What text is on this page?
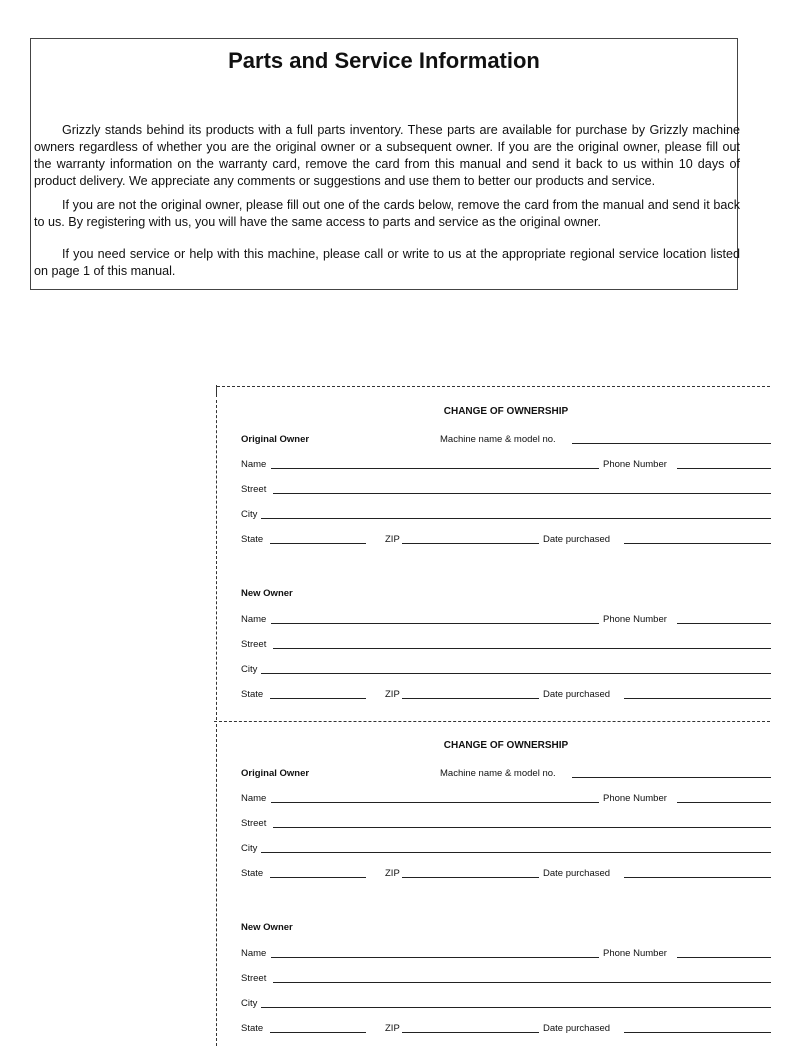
Parts and Service Information

Grizzly stands behind its products with a full parts inventory. These parts are available for purchase by Grizzly machine owners regardless of whether you are the original owner or a subsequent owner. If you are the original owner, please fill out the warranty information on the warranty card, remove the card from this manual and send it back to us within 10 days of product delivery. We appreciate any comments or suggestions and use them to better our products and service.

If you are not the original owner, please fill out one of the cards below, remove the card from the manual and send it back to us. By registering with us, you will have the same access to parts and service as the original owner.

If you need service or help with this machine, please call or write to us at the appropriate regional service location listed on page 1 of this manual.

CHANGE OF OWNERSHIP
Original Owner	Machine name & model no.
Name	Phone Number
Street
City
State	ZIP	Date purchased
New Owner
Name	Phone Number
Street
City
State	ZIP	Date purchased
CHANGE OF OWNERSHIP
Original Owner	Machine name & model no.
Name	Phone Number
Street
City
State	ZIP	Date purchased
New Owner
Name	Phone Number
Street
City
State	ZIP	Date purchased
